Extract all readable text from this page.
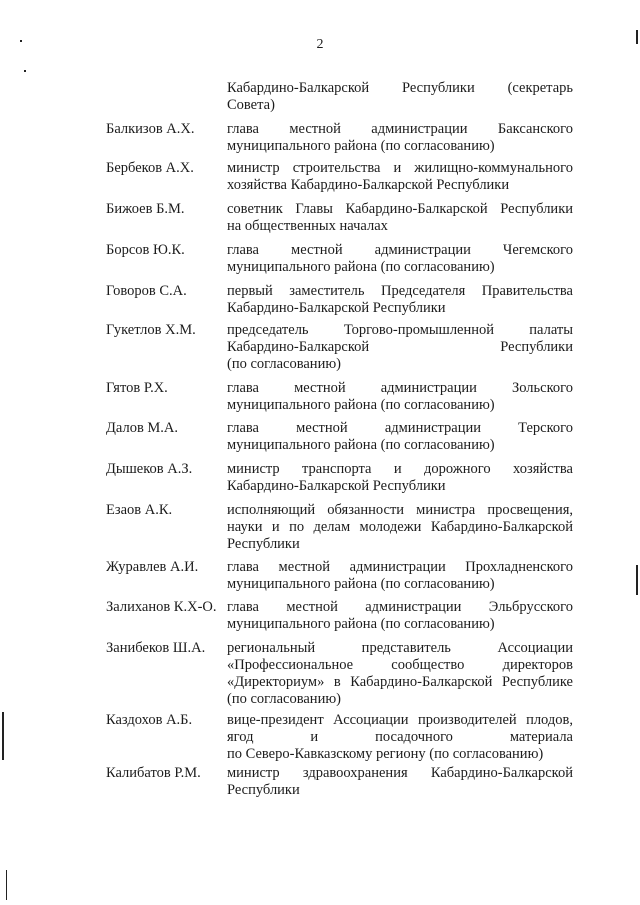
2
Кабардино-Балкарской Республики (секретарь
Совета)
Балкизов А.Х. глава местной администрации Баксанского
муниципального района (по согласованию)
Бербеков А.Х. министр строительства и жилищно-коммунального
хозяйства Кабардино-Балкарской Республики
Бижоев Б.М.	советник Главы Кабардино-Балкарской Республики
на общественных началах
Борсов Ю.К.	глава местной администрации Чегемского
муниципального района (по согласованию)
Говоров С.А.	первый заместитель Председателя Правительства
Кабардино-Балкарской Республики
Гукетлов Х.М. председатель Торгово-промышленной палаты
Кабардино-Балкарской Республики
(по согласованию)
Гятов Р.Х.	глава местной администрации Зольского
муниципального района (по согласованию)
Далов М.А.	глава местной администрации Терского
муниципального района (по согласованию)
Дышеков А.З. министр транспорта и дорожного хозяйства
Кабардино-Балкарской Республики
Езаов А.К.	исполняющий обязанности министра просвещения,
науки и по делам молодежи Кабардино-Балкарской
Республики
Журавлев А.И. глава местной администрации Прохладненского
муниципального района (по согласованию)
Залиханов К.Х-О. глава местной администрации Эльбрусского
муниципального района (по согласованию)
Занибеков Ш.А. региональный представитель Ассоциации
«Профессиональное сообщество директоров
«Директориум» в Кабардино-Балкарской Республике
(по согласованию)
Каздохов А.Б. вице-президент Ассоциации производителей плодов,
ягод и посадочного материала
по Северо-Кавказскому региону (по согласованию)
Калибатов Р.М. министр здравоохранения Кабардино-Балкарской
Республики
